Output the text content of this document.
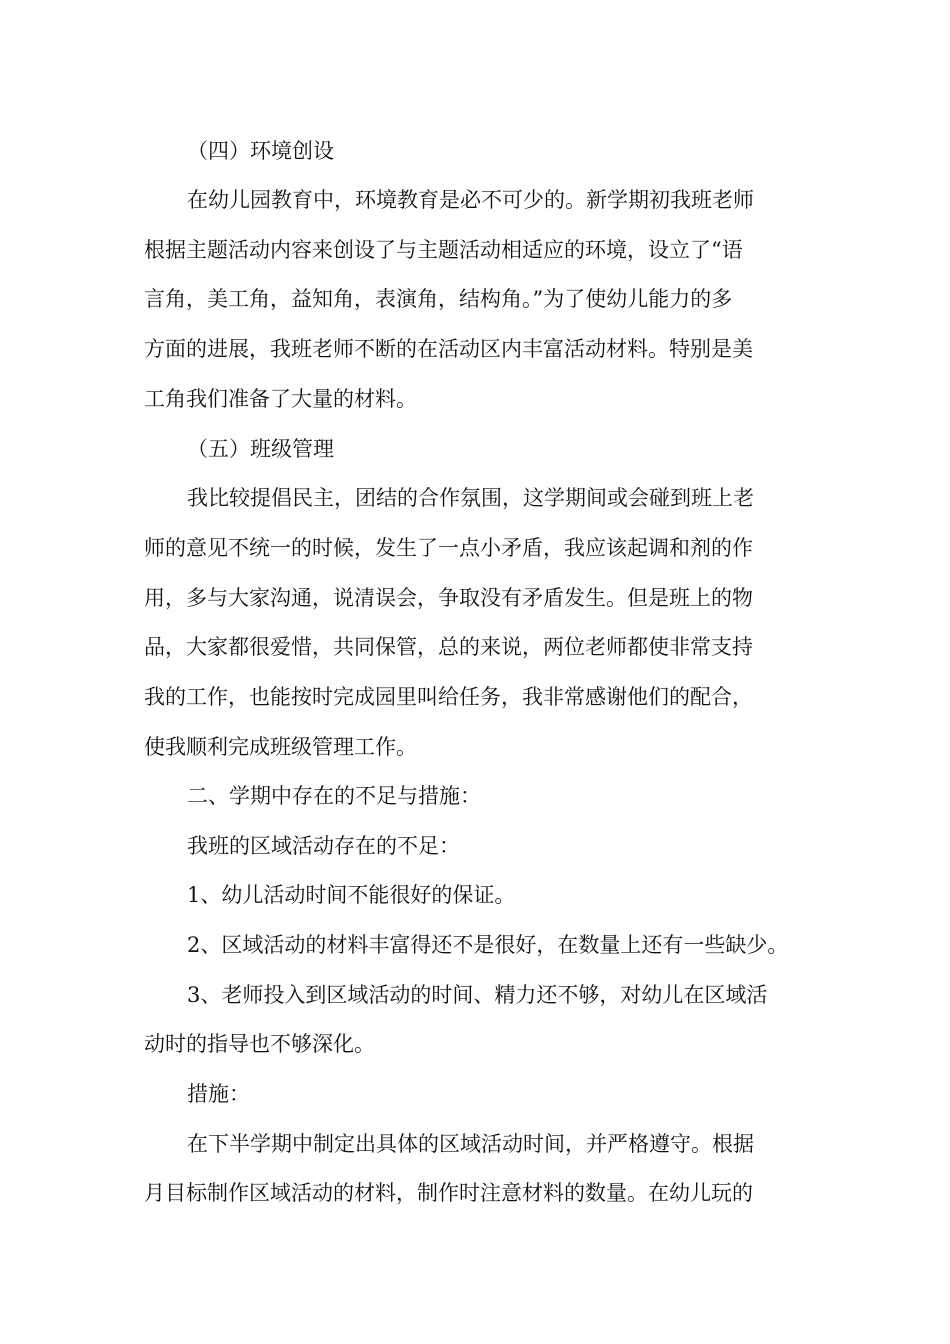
（四）环境创设

在幼儿园教育中，环境教育是必不可少的。新学期初我班老师

根据主题活动内容来创设了与主题活动相适应的环境，设立了“语

言角，美工角，益知角，表演角，结构角。”为了使幼儿能力的多

方面的进展，我班老师不断的在活动区内丰富活动材料。特别是美

工角我们准备了大量的材料。

（五）班级管理

我比较提倡民主，团结的合作氛围，这学期间或会碰到班上老

师的意见不统一的时候，发生了一点小矛盾，我应该起调和剂的作

用，多与大家沟通，说清误会，争取没有矛盾发生。但是班上的物

品，大家都很爱惜，共同保管，总的来说，两位老师都使非常支持

我的工作，也能按时完成园里叫给任务，我非常感谢他们的配合，

使我顺利完成班级管理工作。

二、学期中存在的不足与措施：

我班的区域活动存在的不足：

1、幼儿活动时间不能很好的保证。

2、区域活动的材料丰富得还不是很好，在数量上还有一些缺少。

3、老师投入到区域活动的时间、精力还不够，对幼儿在区域活

动时的指导也不够深化。

措施：

在下半学期中制定出具体的区域活动时间，并严格遵守。根据

月目标制作区域活动的材料，制作时注意材料的数量。在幼儿玩的
